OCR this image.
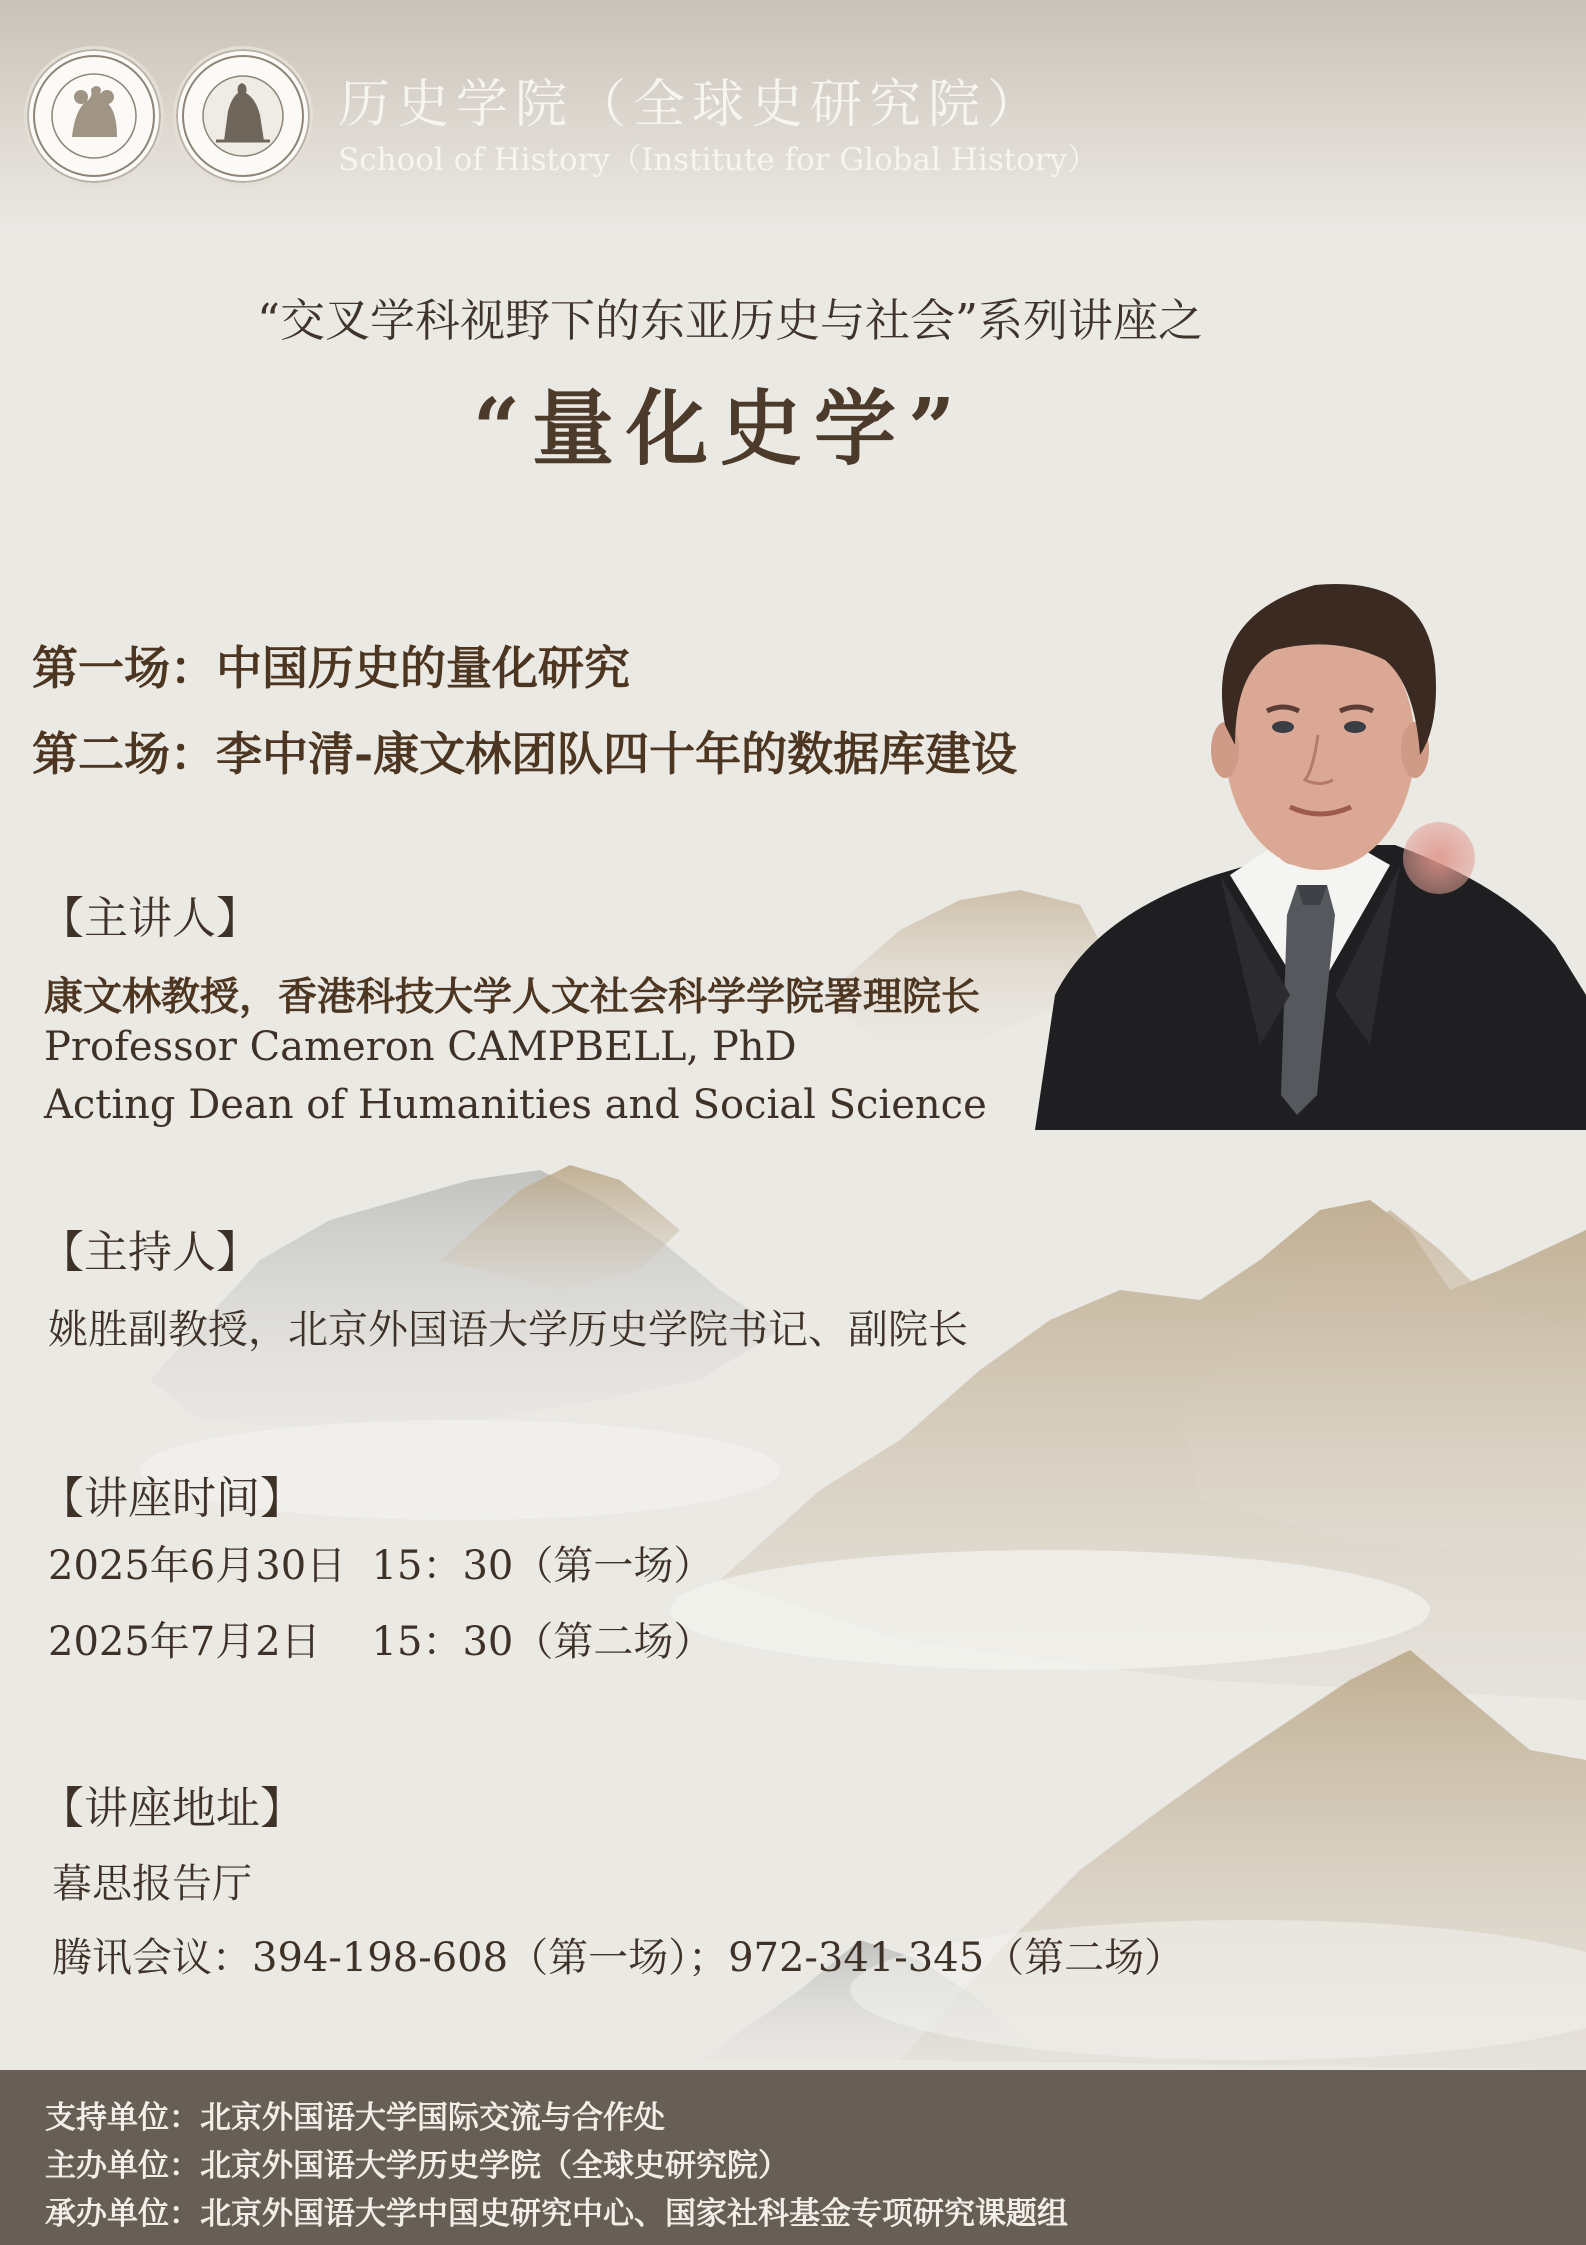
历史学院（全球史研究院）
School of History（Institute for Global History）
“交叉学科视野下的东亚历史与社会”系列讲座之
“量化史学”
第一场：中国历史的量化研究
第二场：李中清-康文林团队四十年的数据库建设
【主讲人】
康文林教授，香港科技大学人文社会科学学院署理院长
Professor Cameron CAMPBELL, PhD
Acting Dean of Humanities and Social Science
【主持人】
姚胜副教授，北京外国语大学历史学院书记、副院长
【讲座时间】
2025年6月30日  15：30（第一场）
2025年7月2日    15：30（第二场）
【讲座地址】
暮思报告厅
腾讯会议：394-198-608（第一场）；972-341-345（第二场）
支持单位：北京外国语大学国际交流与合作处
主办单位：北京外国语大学历史学院（全球史研究院）
承办单位：北京外国语大学中国史研究中心、国家社科基金专项研究课题组
